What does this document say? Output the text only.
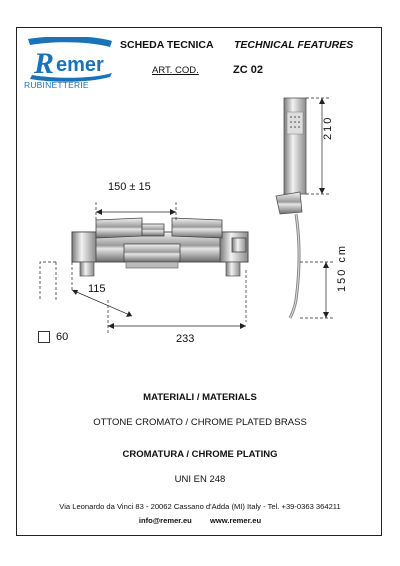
R emer
RUBINETTERIE
SCHEDA TECNICA TECHNICAL FEATURES
ART. COD.	ZC 02
150 ± 15
115
233
60
210
150 cm
MATERIALI / MATERIALS
OTTONE CROMATO / CHROME PLATED BRASS
CROMATURA / CHROME PLATING
UNI EN 248
Via Leonardo da Vinci 83 - 20062 Cassano d'Adda (MI) Italy - Tel. +39-0363 364211
info@remer.eu www.remer.eu
